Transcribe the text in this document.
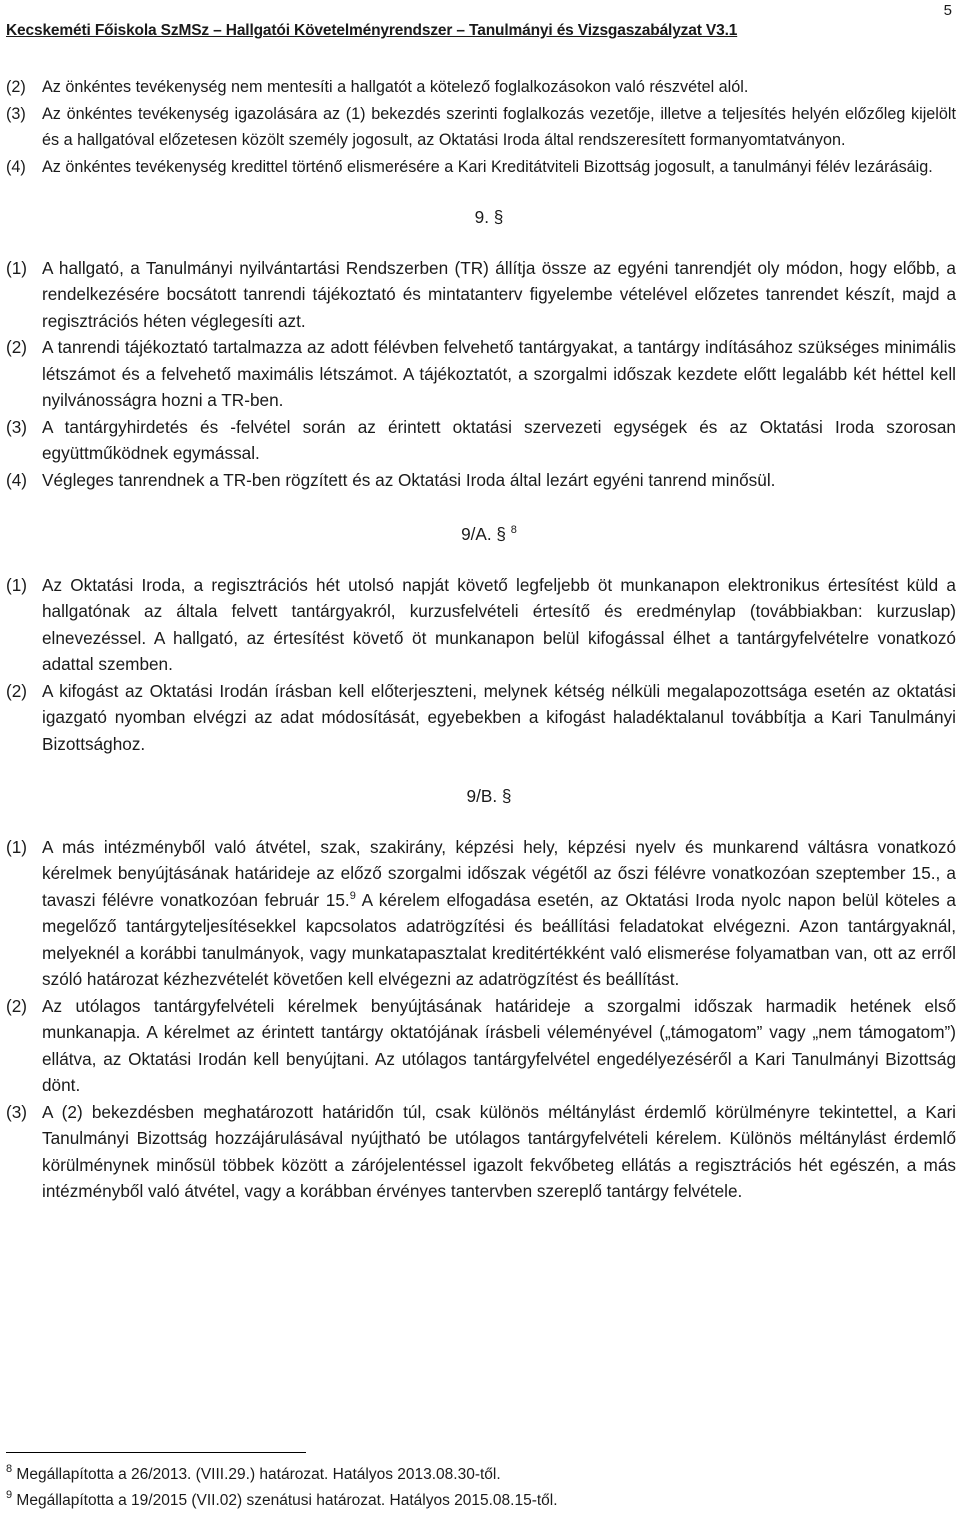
Kecskeméti Főiskola SzMSz – Hallgatói Követelményrendszer – Tanulmányi és Vizsgaszabályzat V3.1
5
(2)	Az önkéntes tevékenység nem mentesíti a hallgatót a kötelező foglalkozásokon való részvétel alól.
(3)	Az önkéntes tevékenység igazolására az (1) bekezdés szerinti foglalkozás vezetője, illetve a teljesítés helyén előzőleg kijelölt és a hallgatóval előzetesen közölt személy jogosult, az Oktatási Iroda által rendszeresített formanyomtatványon.
(4)	Az önkéntes tevékenység kredittel történő elismerésére a Kari Kreditátviteli Bizottság jogosult, a tanulmányi félév lezárásáig.
9. §
(1) A hallgató, a Tanulmányi nyilvántartási Rendszerben (TR) állítja össze az egyéni tanrendjét oly módon, hogy előbb, a rendelkezésére bocsátott tanrendi tájékoztató és mintatanterv figyelembe vételével előzetes tanrendet készít, majd a regisztrációs héten véglegesíti azt.
(2) A tanrendi tájékoztató tartalmazza az adott félévben felvehető tantárgyakat, a tantárgy indításához szükséges minimális létszámot és a felvehető maximális létszámot. A tájékoztatót, a szorgalmi időszak kezdete előtt legalább két héttel kell nyilvánosságra hozni a TR-ben.
(3) A tantárgyhirdetés és -felvétel során az érintett oktatási szervezeti egységek és az Oktatási Iroda szorosan együttműködnek egymással.
(4) Végleges tanrendnek a TR-ben rögzített és az Oktatási Iroda által lezárt egyéni tanrend minősül.
9/A. § $^8$
(1) Az Oktatási Iroda, a regisztrációs hét utolsó napját követő legfeljebb öt munkanapon elektronikus értesítést küld a hallgatónak az általa felvett tantárgyakról, kurzusfelvételi értesítő és eredménylap (továbbiakban: kurzuslap) elnevezéssel. A hallgató, az értesítést követő öt munkanapon belül kifogással élhet a tantárgyfelvételre vonatkozó adattal szemben.
(2) A kifogást az Oktatási Irodán írásban kell előterjeszteni, melynek kétség nélküli megalapozottsága esetén az oktatási igazgató nyomban elvégzi az adat módosítását, egyebekben a kifogást haladéktalanul továbbítja a Kari Tanulmányi Bizottsághoz.
9/B. §
(1) A más intézményből való átvétel, szak, szakirány, képzési hely, képzési nyelv és munkarend váltásra vonatkozó kérelmek benyújtásának határideje az előző szorgalmi időszak végétől az őszi félévre vonatkozóan szeptember 15., a tavaszi félévre vonatkozóan február 15.$^9$ A kérelem elfogadása esetén, az Oktatási Iroda nyolc napon belül köteles a megelőző tantárgyteljesítésekkel kapcsolatos adatrögzítési és beállítási feladatokat elvégezni. Azon tantárgyaknál, melyeknél a korábbi tanulmányok, vagy munkatapasztalat kreditértékként való elismerése folyamatban van, ott az erről szóló határozat kézhezvételét követően kell elvégezni az adatrögzítést és beállítást.
(2) Az utólagos tantárgyfelvételi kérelmek benyújtásának határideje a szorgalmi időszak harmadik hetének első munkanapja. A kérelmet az érintett tantárgy oktatójának írásbeli véleményével („támogatom” vagy „nem támogatom”) ellátva, az Oktatási Irodán kell benyújtani. Az utólagos tantárgyfelvétel engedélyezéséről a Kari Tanulmányi Bizottság dönt.
(3) A (2) bekezdésben meghatározott határidőn túl, csak különös méltánylást érdemlő körülményre tekintettel, a Kari Tanulmányi Bizottság hozzájárulásával nyújtható be utólagos tantárgyfelvételi kérelem. Különös méltánylást érdemlő körülménynek minősül többek között a zárójelentéssel igazolt fekvőbeteg ellátás a regisztrációs hét egészén, a más intézményből való átvétel, vagy a korábban érvényes tantervben szereplő tantárgy felvétele.
$^8$ Megállapította a 26/2013. (VIII.29.) határozat. Hatályos 2013.08.30-től.
$^9$ Megállapította a 19/2015 (VII.02) szenátusi határozat. Hatályos 2015.08.15-től.
